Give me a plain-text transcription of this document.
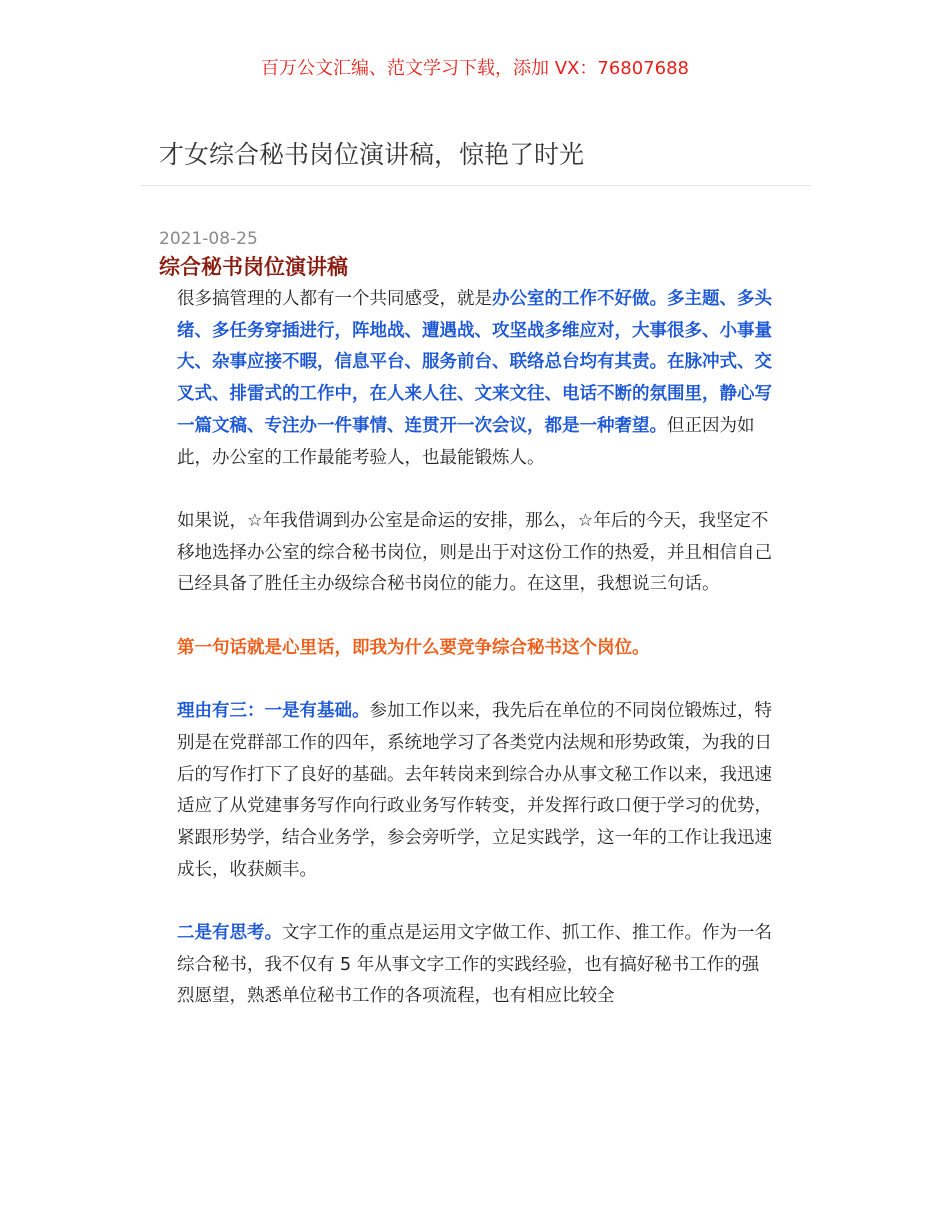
百万公文汇编、范文学习下载，添加 VX：76807688
才女综合秘书岗位演讲稿，惊艳了时光
2021-08-25
综合秘书岗位演讲稿

很多搞管理的人都有一个共同感受，就是办公室的工作不好做。多主题、多头绪、多任务穿插进行，阵地战、遭遇战、攻坚战多维应对，大事很多、小事量大、杂事应接不暇，信息平台、服务前台、联络总台均有其责。在脉冲式、交叉式、排雷式的工作中，在人来人往、文来文往、电话不断的氛围里，静心写一篇文稿、专注办一件事情、连贯开一次会议，都是一种奢望。但正因为如此，办公室的工作最能考验人，也最能锻炼人。

如果说，☆年我借调到办公室是命运的安排，那么，☆年后的今天，我坚定不移地选择办公室的综合秘书岗位，则是出于对这份工作的热爱，并且相信自己已经具备了胜任主办级综合秘书岗位的能力。在这里，我想说三句话。

第一句话就是心里话，即我为什么要竞争综合秘书这个岗位。

理由有三：一是有基础。参加工作以来，我先后在单位的不同岗位锻炼过，特别是在党群部工作的四年，系统地学习了各类党内法规和形势政策，为我的日后的写作打下了良好的基础。去年转岗来到综合办从事文秘工作以来，我迅速适应了从党建事务写作向行政业务写作转变，并发挥行政口便于学习的优势，紧跟形势学，结合业务学，参会旁听学，立足实践学，这一年的工作让我迅速成长，收获颇丰。

二是有思考。文字工作的重点是运用文字做工作、抓工作、推工作。作为一名综合秘书，我不仅有 5 年从事文字工作的实践经验，也有搞好秘书工作的强烈愿望，熟悉单位秘书工作的各项流程，也有相应比较全
